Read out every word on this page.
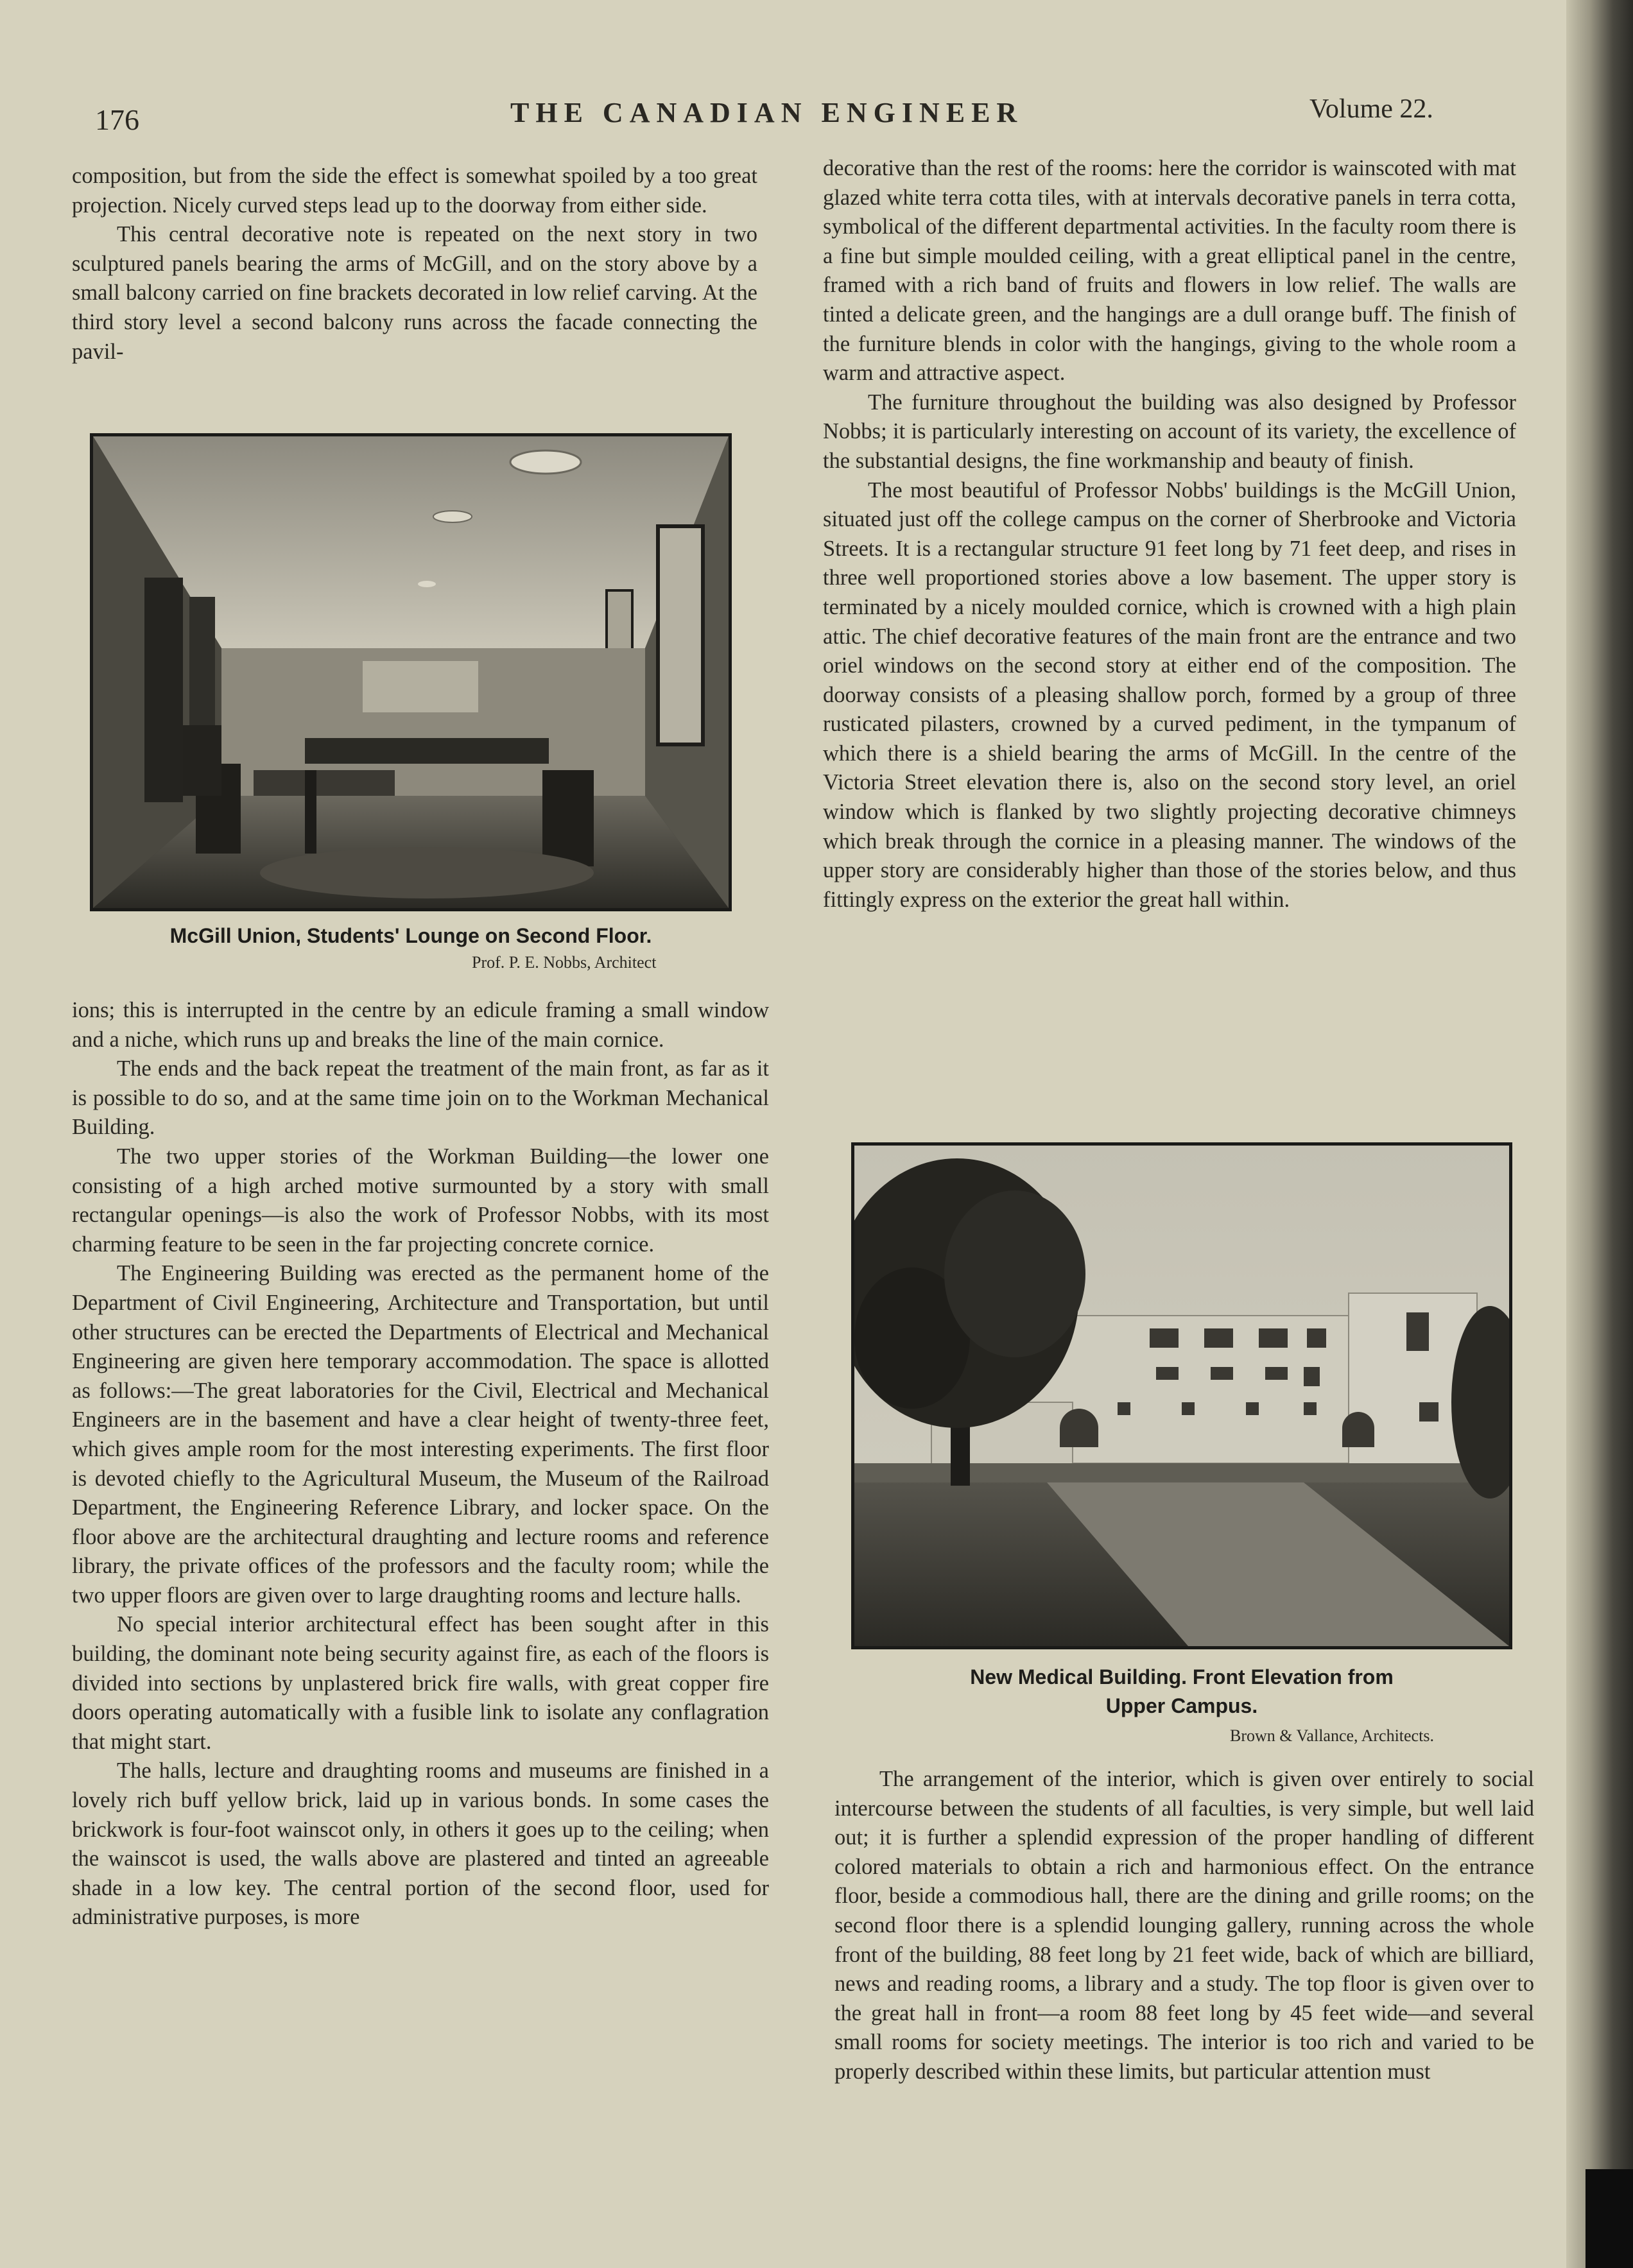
176	THE CANADIAN ENGINEER	Volume 22.

composition, but from the side the effect is somewhat spoiled by a too great projection. Nicely curved steps lead up to the doorway from either side.

This central decorative note is repeated on the next story in two sculptured panels bearing the arms of McGill, and on the story above by a small balcony carried on fine brackets decorated in low relief carving. At the third story level a second balcony runs across the facade connecting the pavil-

McGill Union, Students' Lounge on Second Floor.
Prof. P. E. Nobbs, Architect

ions; this is interrupted in the centre by an edicule framing a small window and a niche, which runs up and breaks the line of the main cornice.

The ends and the back repeat the treatment of the main front, as far as it is possible to do so, and at the same time join on to the Workman Mechanical Building.

The two upper stories of the Workman Building—the lower one consisting of a high arched motive surmounted by a story with small rectangular openings—is also the work of Professor Nobbs, with its most charming feature to be seen in the far projecting concrete cornice.

The Engineering Building was erected as the permanent home of the Department of Civil Engineering, Architecture and Transportation, but until other structures can be erected the Departments of Electrical and Mechanical Engineering are given here temporary accommodation. The space is allotted as follows:—The great laboratories for the Civil, Electrical and Mechanical Engineers are in the basement and have a clear height of twenty-three feet, which gives ample room for the most interesting experiments. The first floor is devoted chiefly to the Agricultural Museum, the Museum of the Railroad Department, the Engineering Reference Library, and locker space. On the floor above are the architectural draughting and lecture rooms and reference library, the private offices of the professors and the faculty room; while the two upper floors are given over to large draughting rooms and lecture halls.

No special interior architectural effect has been sought after in this building, the dominant note being security against fire, as each of the floors is divided into sections by unplastered brick fire walls, with great copper fire doors operating automatically with a fusible link to isolate any conflagration that might start.

The halls, lecture and draughting rooms and museums are finished in a lovely rich buff yellow brick, laid up in various bonds. In some cases the brickwork is four-foot wainscot only, in others it goes up to the ceiling; when the wainscot is used, the walls above are plastered and tinted an agreeable shade in a low key. The central portion of the second floor, used for administrative purposes, is more

decorative than the rest of the rooms: here the corridor is wainscoted with mat glazed white terra cotta tiles, with at intervals decorative panels in terra cotta, symbolical of the different departmental activities. In the faculty room there is a fine but simple moulded ceiling, with a great elliptical panel in the centre, framed with a rich band of fruits and flowers in low relief. The walls are tinted a delicate green, and the hangings are a dull orange buff. The finish of the furniture blends in color with the hangings, giving to the whole room a warm and attractive aspect.

The furniture throughout the building was also designed by Professor Nobbs; it is particularly interesting on account of its variety, the excellence of the substantial designs, the fine workmanship and beauty of finish.

The most beautiful of Professor Nobbs' buildings is the McGill Union, situated just off the college campus on the corner of Sherbrooke and Victoria Streets. It is a rectangular structure 91 feet long by 71 feet deep, and rises in three well proportioned stories above a low basement. The upper story is terminated by a nicely moulded cornice, which is crowned with a high plain attic. The chief decorative features of the main front are the entrance and two oriel windows on the second story at either end of the composition. The doorway consists of a pleasing shallow porch, formed by a group of three rusticated pilasters, crowned by a curved pediment, in the tympanum of which there is a shield bearing the arms of McGill. In the centre of the Victoria Street elevation there is, also on the second story level, an oriel window which is flanked by two slightly projecting decorative chimneys which break through the cornice in a pleasing manner. The windows of the upper story are considerably higher than those of the stories below, and thus fittingly express on the exterior the great hall within.

New Medical Building. Front Elevation from
Upper Campus.
Brown & Vallance, Architects.

The arrangement of the interior, which is given over entirely to social intercourse between the students of all faculties, is very simple, but well laid out; it is further a splendid expression of the proper handling of different colored materials to obtain a rich and harmonious effect. On the entrance floor, beside a commodious hall, there are the dining and grille rooms; on the second floor there is a splendid lounging gallery, running across the whole front of the building, 88 feet long by 21 feet wide, back of which are billiard, news and reading rooms, a library and a study. The top floor is given over to the great hall in front—a room 88 feet long by 45 feet wide—and several small rooms for society meetings. The interior is too rich and varied to be properly described within these limits, but particular attention must
